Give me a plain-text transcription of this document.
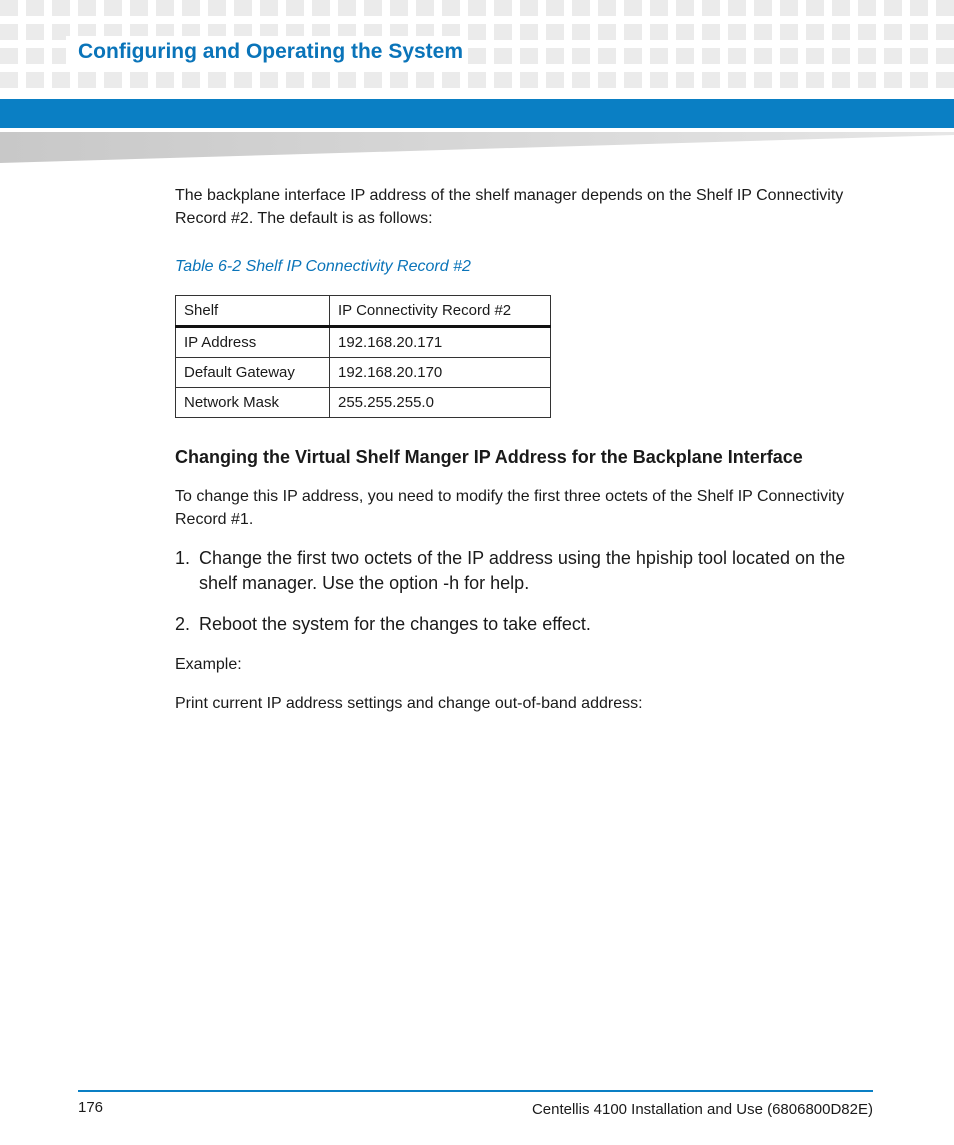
Configuring and Operating the System

The backplane interface IP address of the shelf manager depends on the Shelf IP Connectivity Record #2. The default is as follows:

Table 6-2 Shelf IP Connectivity Record #2

Shelf	IP Connectivity Record #2
IP Address	192.168.20.171
Default Gateway	192.168.20.170
Network Mask	255.255.255.0
Changing the Virtual Shelf Manger IP Address for the Backplane Interface

To change this IP address, you need to modify the first three octets of the Shelf IP Connectivity Record #1.

1. Change the first two octets of the IP address using the hpiship tool located on the shelf manager. Use the option -h for help.
2. Reboot the system for the changes to take effect.

Example:

Print current IP address settings and change out-of-band address:

176	Centellis 4100 Installation and Use (6806800D82E)
